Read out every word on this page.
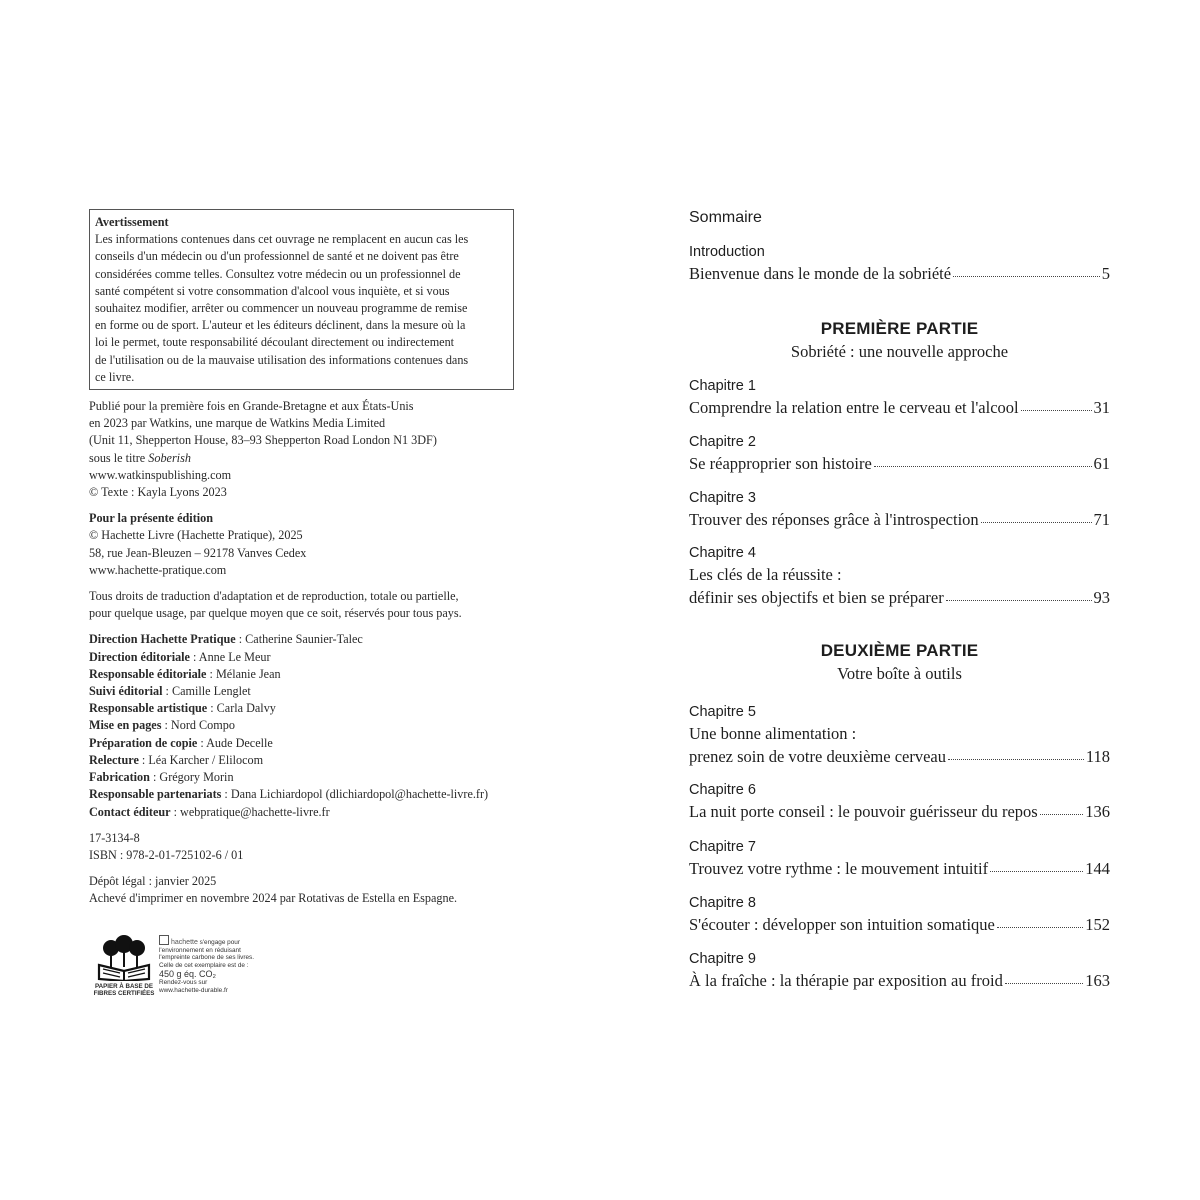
Avertissement
Les informations contenues dans cet ouvrage ne remplacent en aucun cas les
conseils d'un médecin ou d'un professionnel de santé et ne doivent pas être
considérées comme telles. Consultez votre médecin ou un professionnel de
santé compétent si votre consommation d'alcool vous inquiète, et si vous
souhaitez modifier, arrêter ou commencer un nouveau programme de remise
en forme ou de sport. L'auteur et les éditeurs déclinent, dans la mesure où la
loi le permet, toute responsabilité découlant directement ou indirectement
de l'utilisation ou de la mauvaise utilisation des informations contenues dans
ce livre.
Publié pour la première fois en Grande-Bretagne et aux États-Unis
en 2023 par Watkins, une marque de Watkins Media Limited
(Unit 11, Shepperton House, 83–93 Shepperton Road London N1 3DF)
sous le titre Soberish
www.watkinspublishing.com
© Texte : Kayla Lyons 2023
Pour la présente édition
© Hachette Livre (Hachette Pratique), 2025
58, rue Jean-Bleuzen – 92178 Vanves Cedex
www.hachette-pratique.com
Tous droits de traduction d'adaptation et de reproduction, totale ou partielle,
pour quelque usage, par quelque moyen que ce soit, réservés pour tous pays.
Direction Hachette Pratique : Catherine Saunier-Talec
Direction éditoriale : Anne Le Meur
Responsable éditoriale : Mélanie Jean
Suivi éditorial : Camille Lenglet
Responsable artistique : Carla Dalvy
Mise en pages : Nord Compo
Préparation de copie : Aude Decelle
Relecture : Léa Karcher / Elilocom
Fabrication : Grégory Morin
Responsable partenariats : Dana Lichiardopol (dlichiardopol@hachette-livre.fr)
Contact éditeur : webpratique@hachette-livre.fr
17-3134-8
ISBN : 978-2-01-725102-6 / 01
Dépôt légal : janvier 2025
Achevé d'imprimer en novembre 2024 par Rotativas de Estella en Espagne.
PAPIER À BASE DE
FIBRES CERTIFIÉES
hachette s'engage pour
l'environnement en réduisant
l'empreinte carbone de ses livres.
Celle de cet exemplaire est de :
450 g éq. CO₂
Rendez-vous sur
www.hachette-durable.fr
Sommaire
Introduction
Bienvenue dans le monde de la sobriété	5
PREMIÈRE PARTIE
Sobriété : une nouvelle approche
Chapitre 1
Comprendre la relation entre le cerveau et l'alcool	31
Chapitre 2
Se réapproprier son histoire	61
Chapitre 3
Trouver des réponses grâce à l'introspection	71
Chapitre 4
Les clés de la réussite :
définir ses objectifs et bien se préparer	93
DEUXIÈME PARTIE
Votre boîte à outils
Chapitre 5
Une bonne alimentation :
prenez soin de votre deuxième cerveau	118
Chapitre 6
La nuit porte conseil : le pouvoir guérisseur du repos	136
Chapitre 7
Trouvez votre rythme : le mouvement intuitif	144
Chapitre 8
S'écouter : développer son intuition somatique	152
Chapitre 9
À la fraîche : la thérapie par exposition au froid	163
